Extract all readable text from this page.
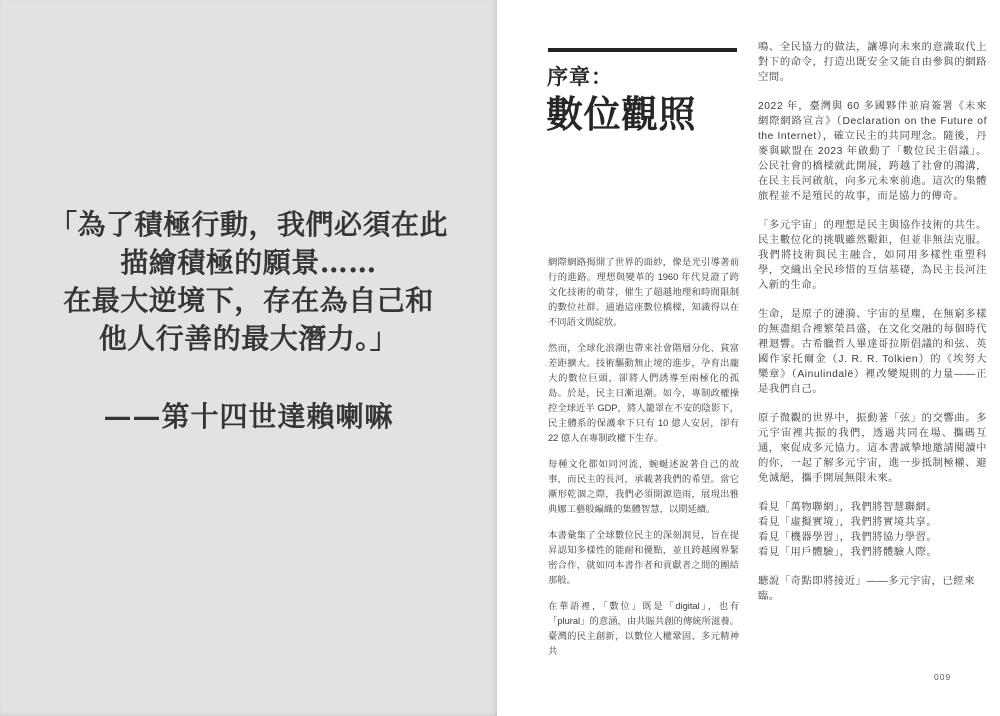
「為了積極行動，我們必須在此
描繪積極的願景……
在最大逆境下，存在為自己和
他人行善的最大潛力。」
——第十四世達賴喇嘛
序章：
數位觀照

網際網路揭開了世界的面紗，像是光引導著前行的進路。理想與變革的 1960 年代見證了跨文化技術的萌芽，催生了超越地理和時間限制的數位社群。通過這座數位橋樑，知識得以在不同語文間綻放。

然而，全球化浪潮也帶來社會階層分化、貧富差距擴大。技術驅動無止境的進步，孕育出龐大的數位巨頭，卻將人們誘導至兩極化的孤島。於是，民主日漸退潮。如今，專制政權操控全球近半 GDP，將人籠罩在不安的陰影下，民主體系的保護傘下只有 10 億人安居，卻有 22 億人在專制政權下生存。

每種文化都如同河流，蜿蜒述說著自己的故事，而民主的長河，承載著我們的希望。當它漸形乾涸之際，我們必須開源造雨，展現出雅典娜工藝般編織的集體智慧，以期延續。

本書彙集了全球數位民主的深刻洞見，旨在提昇認知多樣性的能耐和優點，並且跨越國界緊密合作，就如同本書作者和貢獻者之間的團結那般。

在華語裡，「數位」既是「digital」，也有「plural」的意涵，由共賑共創的傳統所滋養。臺灣的民主創新，以數位人權鞏固、多元精神共

鳴、全民協力的做法，讓導向未來的意識取代上對下的命令，打造出既安全又能自由參與的網路空間。

2022 年，臺灣與 60 多國夥伴並肩簽署《未來網際網路宣言》（Declaration on the Future of the Internet），確立民主的共同理念。隨後，丹麥與歐盟在 2023 年啟動了「數位民主倡議」。公民社會的橋樑就此開展，跨越了社會的鴻溝，在民主長河啟航，向多元未來前進。這次的集體旅程並不是殖民的故事，而是協力的傳奇。

「多元宇宙」的理想是民主與協作技術的共生。民主數位化的挑戰雖然艱鉅，但並非無法克服。我們將技術與民主融合，如同用多樣性重塑科學，交織出全民珍惜的互信基礎，為民主長河注入新的生命。

生命，是原子的漣漪、宇宙的星塵，在無窮多樣的無盡組合裡繁榮昌盛，在文化交融的每個時代裡迴響。古希臘哲人畢達哥拉斯倡議的和弦、英國作家托爾金（J. R. R. Tolkien）的《埃努大樂章》（Ainulindalë）裡改變規則的力量——正是我們自己。

原子微觀的世界中，振動著「弦」的交響曲。多元宇宙裡共振的我們，透過共同在場、攜碼互通，來促成多元協力。這本書誠摯地邀請閱讀中的你，一起了解多元宇宙，進一步抵制極權、避免滅絕，攜手開展無限未來。

看見「萬物聯網」，我們將智慧聯網。

看見「虛擬實境」，我們將實境共享。

看見「機器學習」，我們將協力學習。

看見「用戶體驗」，我們將體驗人際。

聽說「奇點即將接近」——多元宇宙，已經來臨。

009
